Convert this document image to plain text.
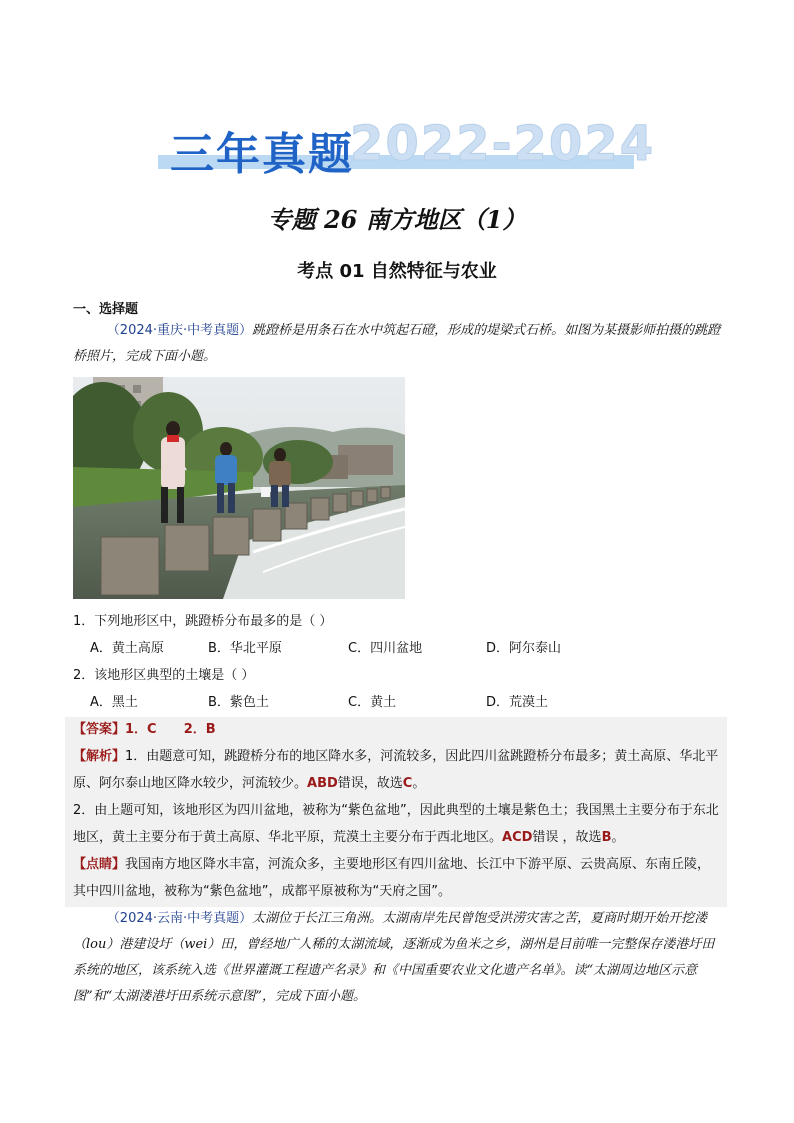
三年真题
2022-2024
专题 26 南方地区（1）
考点 01 自然特征与农业
一、选择题
（2024·重庆·中考真题）跳蹬桥是用条石在水中筑起石磴，形成的堤梁式石桥。如图为某摄影师拍摄的跳蹬桥照片，完成下面小题。
1．下列地形区中，跳蹬桥分布最多的是（ ）
A．黄土高原	B．华北平原	C．四川盆地	D．阿尔泰山
2．该地形区典型的土壤是（ ）
A．黑土	B．紫色土	C．黄土	D．荒漠土
【答案】1．C      2．B
【解析】1．由题意可知，跳蹬桥分布的地区降水多，河流较多，因此四川盆跳蹬桥分布最多；黄土高原、华北平原、阿尔泰山地区降水较少，河流较少。ABD错误，故选C。
2．由上题可知，该地形区为四川盆地，被称为“紫色盆地”，因此典型的土壤是紫色土；我国黑土主要分布于东北地区，黄土主要分布于黄土高原、华北平原，荒漠土主要分布于西北地区。ACD错误 ，故选B。
【点睛】我国南方地区降水丰富，河流众多，主要地形区有四川盆地、长江中下游平原、云贵高原、东南丘陵，其中四川盆地，被称为“紫色盆地”，成都平原被称为“天府之国”。
（2024·云南·中考真题）太湖位于长江三角洲。太湖南岸先民曾饱受洪涝灾害之苦，夏商时期开始开挖溇（lou）港建设圩（wei）田，曾经地广人稀的太湖流域，逐渐成为鱼米之乡，湖州是目前唯一完整保存溇港圩田系统的地区，该系统入选《世界灌溉工程遗产名录》和《中国重要农业文化遗产名单》。读“太湖周边地区示意图”和“太湖溇港圩田系统示意图”，完成下面小题。
